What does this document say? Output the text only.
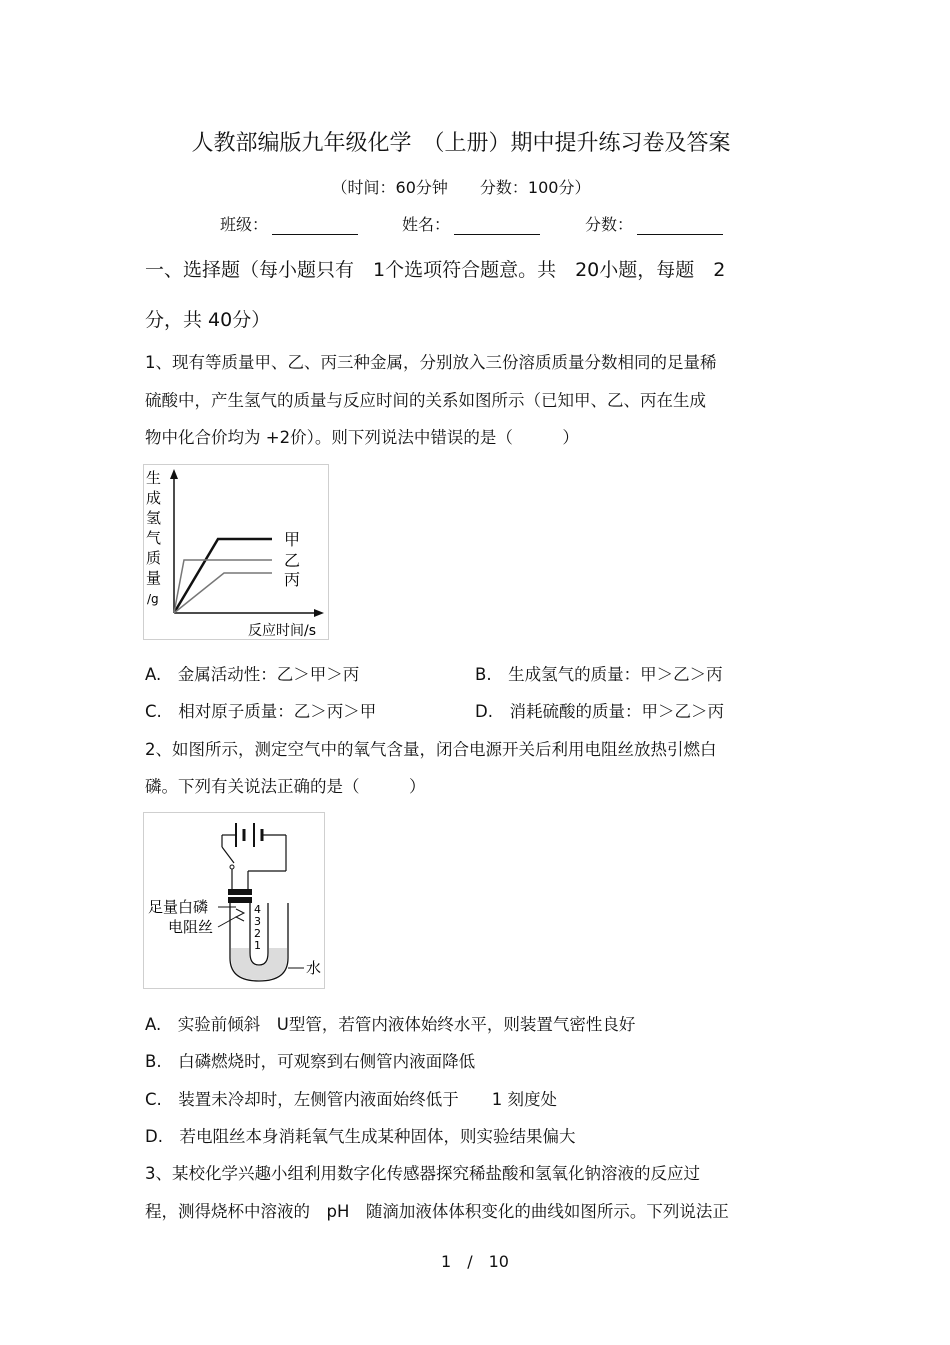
人教部编版九年级化学　（上册）期中提升练习卷及答案
（时间：60分钟　　分数：100分）
班级：	姓名：	分数：
一、选择题（每小题只有　1个选项符合题意。共　20小题，每题　2
分，共 40分）
1、现有等质量甲、乙、丙三种金属，分别放入三份溶质质量分数相同的足量稀
硫酸中，产生氢气的质量与反应时间的关系如图所示（已知甲、乙、丙在生成
物中化合价均为 +2价）。则下列说法中错误的是（　　　）
生
成
氢
气
质
量
/g
甲
乙
丙
反应时间/s
A.　金属活动性：乙＞甲＞丙	B.　生成氢气的质量：甲＞乙＞丙
C.　相对原子质量：乙＞丙＞甲	D.　消耗硫酸的质量：甲＞乙＞丙
2、如图所示，测定空气中的氧气含量，闭合电源开关后利用电阻丝放热引燃白
磷。下列有关说法正确的是（　　　）
4
3
2
1
足量白磷
电阻丝
水
A.　实验前倾斜　U型管，若管内液体始终水平，则装置气密性良好
B.　白磷燃烧时，可观察到右侧管内液面降低
C.　装置未冷却时，左侧管内液面始终低于　　1 刻度处
D.　若电阻丝本身消耗氧气生成某种固体，则实验结果偏大
3、某校化学兴趣小组利用数字化传感器探究稀盐酸和氢氧化钠溶液的反应过
程，测得烧杯中溶液的　pH　随滴加液体体积变化的曲线如图所示。下列说法正
1　/　10
